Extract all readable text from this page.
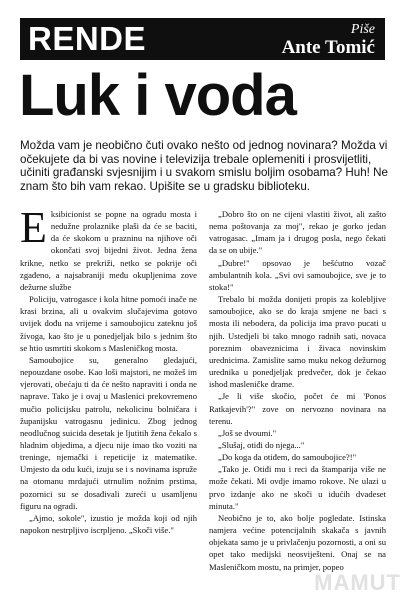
RENDE	Piše
Ante Tomić
Luk i voda
Možda vam je neobično čuti ovako nešto od jednog novinara? Možda vi očekujete da bi vas novine i televizija trebale oplemeniti i prosvijetliti, učiniti građanski svjesnijim i u svakom smislu boljim osobama? Huh! Ne znam što bih vam rekao. Upišite se u gradsku biblioteku.

Eksibicionist se popne na ogradu mosta i nedužne prolaznike plaši da će se baciti, da će skokom u prazninu na njihove oči okončati svoj bijedni život. Jedna žena krikne, netko se prekriži, netko se pokrije oči zgađeno, a najsabraniji među okupljenima zove dežurne službe

Policiju, vatrogasce i kola hitne pomoći inače ne krasi brzina, ali u ovakvim slučajevima gotovo uvijek dođu na vrijeme i samoubojicu zateknu još živoga, kao što je u ponedjeljak bilo s jednim što se htio usmrtiti skokom s Masleničkog mosta.

Samoubojice su, generalno gledajući, nepouzdane osobe. Kao loši majstori, ne možeš im vjerovati, obećaju ti da će nešto napraviti i onda ne naprave. Tako je i ovaj u Maslenici prekovremeno mučio policijsku patrolu, nekolicinu bolničara i županijsku vatrogasnu jedinicu. Zbog jednog neodlučnog suicida desetak je ljutitih žena čekalo s hladnim objedima, a djecu nije imao tko voziti na treninge, njemački i repeticije iz matematike. Umjesto da odu kući, izuju se i s novinama ispruže na otomanu mrdajući utrnulim nožnim prstima, pozornici su se dosađivali zureći u usamljenu figuru na ogradi.

„Ajmo, sokole", izustio je možda koji od njih napokon nestrpljivo iscrpljeno. „Skoči više."

„Dobro što on ne cijeni vlastiti život, ali zašto nema poštovanja za moj", rekao je gorko jedan vatrogasac. „Imam ja i drugog posla, nego čekati da se on ubije."

„Dubre!" opsovao je bešćutno vozač ambulantnih kola. „Svi ovi samoubojice, sve je to stoka!"

Trebalo bi možda donijeti propis za kolebljive samoubojice, ako se do kraja smjene ne baci s mosta ili nebodera, da policija ima pravo pucati u njih. Ustedjeli bi tako mnogo radnih sati, novaca poreznim obaveznicima i živaca novinskim urednicima. Zamislite samo muku nekog dežurnog urednika u ponedjeljak predvečer, dok je čekao ishod masleničke drame.

„Je li više skočio, počet će mi 'Ponos Ratkajevih'?" zove on nervozno novinara na terenu.

„Još se dvoumi."

„Slušaj, otiđi do njega..."

„Do koga da otiđem, do samoubojice?!"

„Tako je. Otiđi mu i reci da štamparija više ne može čekati. Mi ovdje imamo rokove. Ne ulazi u prvo izdanje ako ne skoči u idućih dvadeset minuta."

Neobično je to, ako bolje pogledate. Istinska namjera većine potencijalnih skakača s javnih objekata samo je u privlačenju pozornosti, a oni su opet tako medijski neosviješteni. Onaj se na Masleničkom mostu, na primjer, popeo

MAMUT
